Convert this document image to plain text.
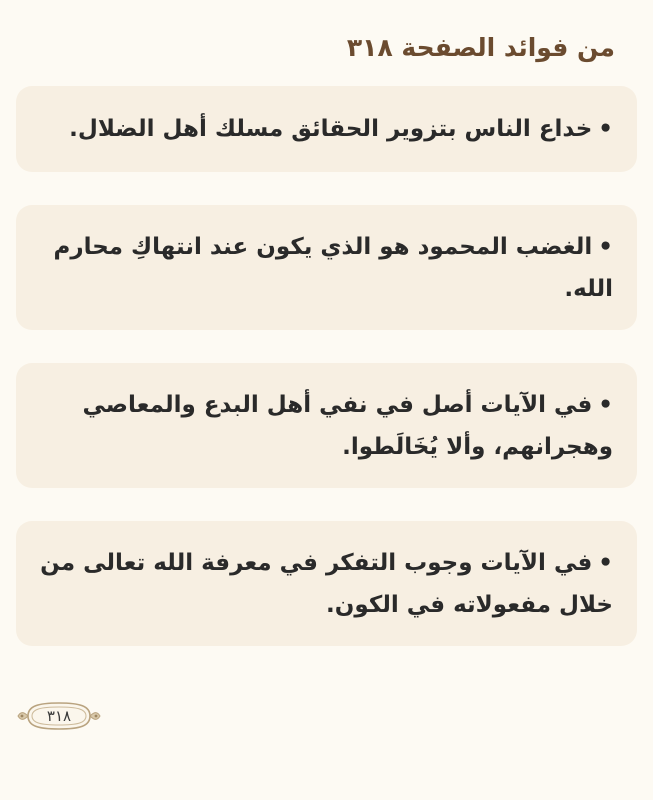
من فوائد الصفحة ٣١٨
•خداع الناس بتزوير الحقائق مسلك أهل الضلال.
•الغضب المحمود هو الذي يكون عند انتهاكِ محارم الله.
•في الآيات أصل في نفي أهل البدع والمعاصي وهجرانهم، وألا يُخَالَطوا.
•في الآيات وجوب التفكر في معرفة الله تعالى من خلال مفعولاته في الكون.
٣١٨
